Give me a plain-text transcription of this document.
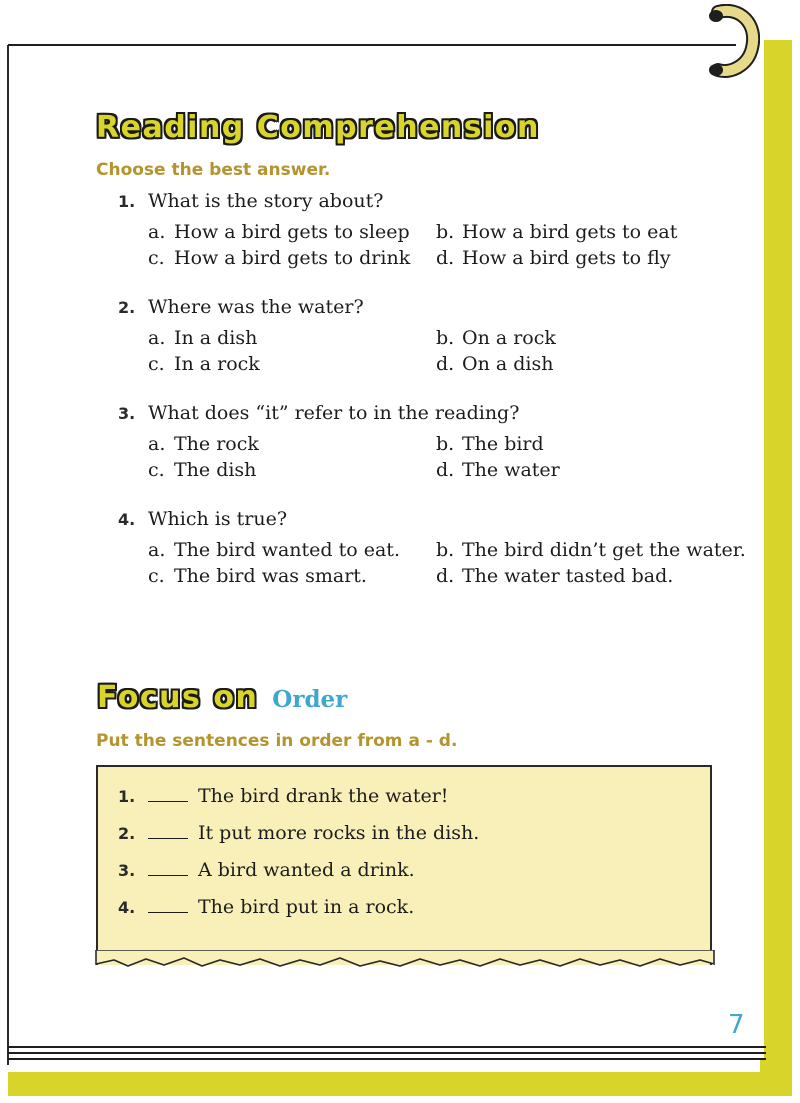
Reading Comprehension

Choose the best answer.

1. What is the story about?
a. How a bird gets to sleep b. How a bird gets to eat
c. How a bird gets to drink d. How a bird gets to fly
2. Where was the water?
a. In a dish	b. On a rock
c. In a rock	d. On a dish
3. What does “it” refer to in the reading?
a. The rock	b. The bird
c. The dish	d. The water
4. Which is true?
a. The bird wanted to eat. b. The bird didn’t get the water.
c. The bird was smart.	d. The water tasted bad.
Focus on Order

Put the sentences in order from a - d.

1.	The bird drank the water!
2.	It put more rocks in the dish.
3.	A bird wanted a drink.
4.	The bird put in a rock.
7
